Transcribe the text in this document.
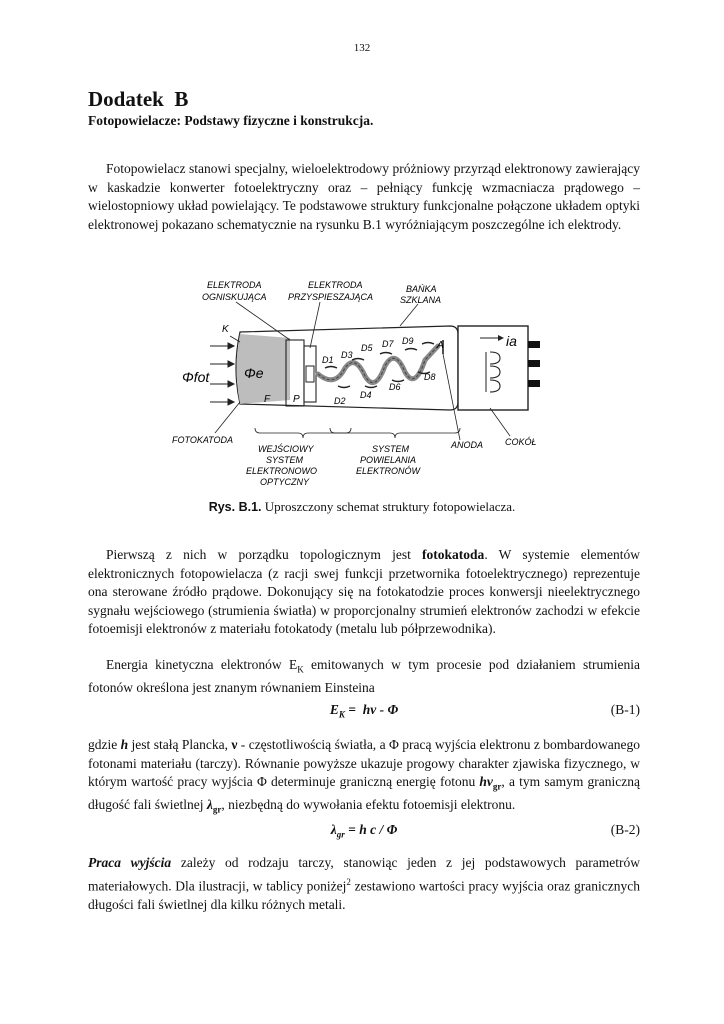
132
Dodatek  B
Fotopowielacze: Podstawy fizyczne i konstrukcja.
Fotopowielacz stanowi specjalny, wieloelektrodowy próżniowy przyrząd elektronowy zawierający w kaskadzie konwerter fotoelektryczny oraz – pełniący funkcję wzmacniacza prądowego – wielostopniowy układ powielający. Te podstawowe struktury funkcjonalne połączone układem optyki elektronowej pokazano schematycznie na rysunku B.1 wyróżniającym poszczególne ich elektrody.
ELEKTRODA
OGNISKUJĄCA
ELEKTRODA
PRZYSPIESZAJĄCA
BAŃKA
SZKLANA
K
Φfot Φe
F P
ia
A
D1
D2
D3
D4
D5
D6
D7
D8
D9
FOTOKATODA
WEJŚCIOWY
SYSTEM
ELEKTRONOWO
OPTYCZNY
SYSTEM
POWIELANIA
ELEKTRONÓW
ANODA COKÓŁ
Rys. B.1. Uproszczony schemat struktury fotopowielacza.
Pierwszą z nich w porządku topologicznym jest fotokatoda. W systemie elementów elektronicznych fotopowielacza (z racji swej funkcji przetwornika fotoelektrycznego) reprezentuje ona sterowane źródło prądowe. Dokonujący się na fotokatodzie proces konwersji nieelektrycznego sygnału wejściowego (strumienia światła) w proporcjonalny strumień elektronów zachodzi w efekcie fotoemisji elektronów z materiału fotokatody (metalu lub półprzewodnika).
Energia kinetyczna elektronów $E_K$ emitowanych w tym procesie pod działaniem strumienia fotonów określona jest znanym równaniem Einsteina
$E_K = h\nu - \Phi$	(B-1)
gdzie h jest stałą Plancka, ν - częstotliwością światła, a Φ pracą wyjścia elektronu z bombardowanego fotonami materiału (tarczy). Równanie powyższe ukazuje progowy charakter zjawiska fizycznego, w którym wartość pracy wyjścia Φ determinuje graniczną energię fotonu $h\nu_{gr}$, a tym samym graniczną długość fali świetlnej $\lambda_{gr}$, niezbędną do wywołania efektu fotoemisji elektronu.
$\lambda_{gr} = h$ c / Φ	(B-2)
Praca wyjścia zależy od rodzaju tarczy, stanowiąc jeden z jej podstawowych parametrów materiałowych. Dla ilustracji, w tablicy poniżej$^2$ zestawiono wartości pracy wyjścia oraz granicznych długości fali świetlnej dla kilku różnych metali.
